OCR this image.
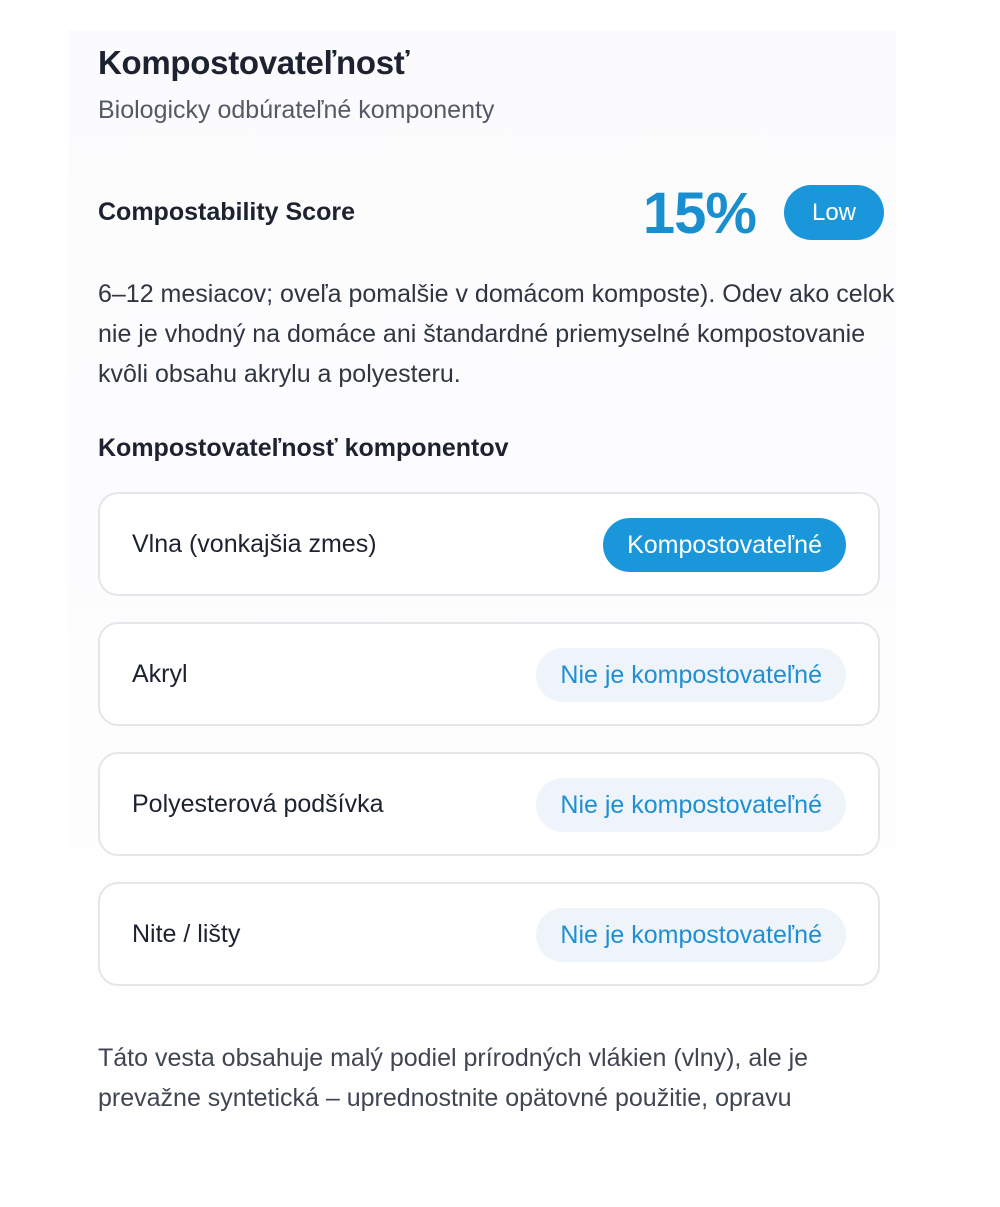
Kompostovateľnosť
Biologicky odbúrateľné komponenty
Compostability Score	15%	Low
6–12 mesiacov; oveľa pomalšie v domácom komposte). Odev ako celok nie je vhodný na domáce ani štandardné priemyselné kompostovanie kvôli obsahu akrylu a polyesteru.
Kompostovateľnosť komponentov
Vlna (vonkajšia zmes)	Kompostovateľné
Akryl	Nie je kompostovateľné
Polyesterová podšívka	Nie je kompostovateľné
Nite / lišty	Nie je kompostovateľné
Táto vesta obsahuje malý podiel prírodných vlákien (vlny), ale je prevažne syntetická – uprednostnite opätovné použitie, opravu
